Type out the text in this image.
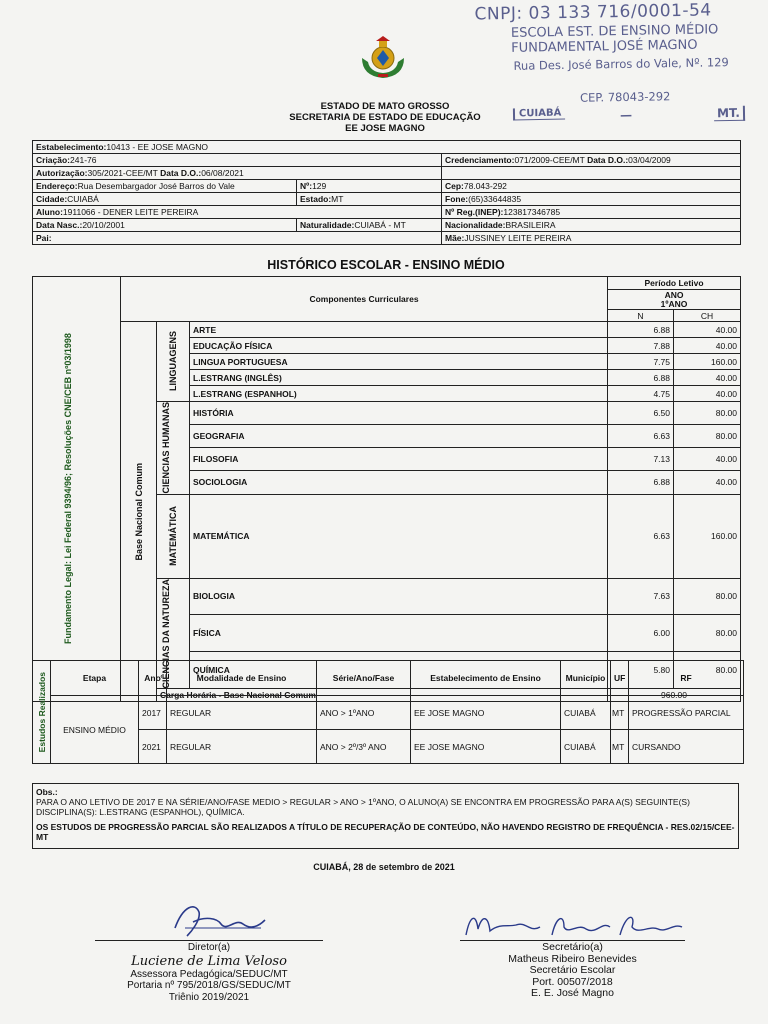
CNPJ: 03 133 716/0001-54
ESCOLA EST. DE ENSINO MÉDIO
FUNDAMENTAL JOSÉ MAGNO
Rua Des. José Barros do Vale, Nº. 129
CEP. 78043-292
CUIABÁ	—	MT.
ESTADO DE MATO GROSSO
SECRETARIA DE ESTADO DE EDUCAÇÃO
EE JOSE MAGNO
Estabelecimento:10413 - EE JOSE MAGNO		
Criação:241-76		Credenciamento:071/2009-CEE/MT Data D.O.:03/04/2009
Autorização:305/2021-CEE/MT Data D.O.:06/08/2021		
Endereço:Rua Desembargador José Barros do Vale	Nº:129	Cep:78.043-292
Cidade:CUIABÁ	Estado:MT	Fone:(65)33644835
Aluno:1911066 - DENER LEITE PEREIRA		Nº Reg.(INEP):123817346785
Data Nasc.:20/10/2001	Naturalidade:CUIABÁ - MT	Nacionalidade:BRASILEIRA
Pai:		Mãe:JUSSINEY LEITE PEREIRA
HISTÓRICO ESCOLAR - ENSINO MÉDIO
Fundamento Legal: Lei Federal 9394/96; Resoluções CNE/CEB nº03/1998	Componentes Curriculares			Período Letivo	

				ANO
1ºANO	

				N	CH

	Base Nacional Comum	LINGUAGENS	ARTE	6.88	40.00
			EDUCAÇÃO FÍSICA	7.88	40.00
			LINGUA PORTUGUESA	7.75	160.00
			L.ESTRANG (INGLÊS)	6.88	40.00
			L.ESTRANG (ESPANHOL)	4.75	40.00

		CIENCIAS HUMANAS	HISTÓRIA	6.50	80.00
			GEOGRAFIA	6.63	80.00
			FILOSOFIA	7.13	40.00
			SOCIOLOGIA	6.88	40.00

		MATEMÁTICA	MATEMÁTICA	6.63	160.00

		CIÊNCIAS DA NATUREZA	BIOLOGIA	7.63	80.00
			FÍSICA	6.00	80.00
			QUÍMICA	5.80	80.00
		Carga Horária - Base Nacional Comum		960.00	
Estudos Realizados	Etapa	Ano	Modalidade de Ensino	Série/Ano/Fase	Estabelecimento de Ensino	Município	UF	RF
	ENSINO MÉDIO	2017	REGULAR	ANO > 1ºANO	EE JOSE MAGNO	CUIABÁ	MT	PROGRESSÃO PARCIAL
		2021	REGULAR	ANO > 2º/3º ANO	EE JOSE MAGNO	CUIABÁ	MT	CURSANDO
Obs.:
PARA O ANO LETIVO DE 2017 E NA SÉRIE/ANO/FASE MEDIO > REGULAR > ANO > 1ºANO, O ALUNO(A) SE ENCONTRA EM PROGRESSÃO PARA A(S) SEGUINTE(S) DISCIPLINA(S): L.ESTRANG (ESPANHOL), QUÍMICA.
OS ESTUDOS DE PROGRESSÃO PARCIAL SÃO REALIZADOS A TÍTULO DE RECUPERAÇÃO DE CONTEÚDO, NÃO HAVENDO REGISTRO DE FREQUÊNCIA - RES.02/15/CEE-MT
CUIABÁ, 28 de setembro de 2021
Diretor(a)
Luciene de Lima Veloso
Assessora Pedagógica/SEDUC/MT
Portaria nº 795/2018/GS/SEDUC/MT
Triênio 2019/2021
Secretário(a)
Matheus Ribeiro Benevides
Secretário Escolar
Port. 00507/2018
E. E. José Magno
